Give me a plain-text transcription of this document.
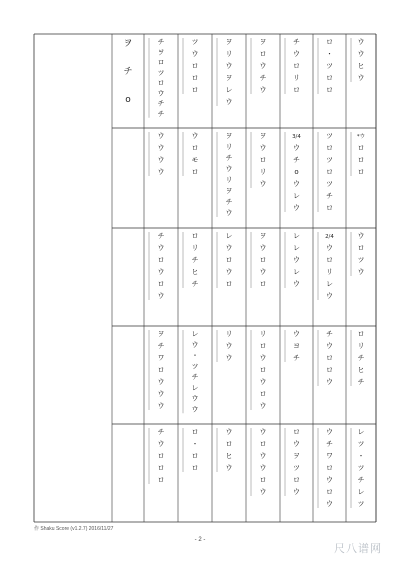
ヲ
チ
o
チ
ヲ
ロ
ツ
ロ
ウ
チ
チ
ツ
ウ
ロ
ロ
ロ
ヲ
リ
ウ
ヲ
レ
ウ
ヲ
ロ
ウ
チ
ウ
チ
ウ
ロ
リ
ロ
ロ
・
ツ
ロ
ロ
ウ
ウ
ヒ
ウ
ウ
ウ
ウ
ウ
ウ
ロ
モ
ロ
ヲ
リ
チ
ウ
リ
ヲ
チ
ウ
ヲ
ウ
ロ
リ
ウ
3/4
ウ
チ
o
ウ
レ
ウ
ツ
ロ
ツ
ロ
ツ
チ
ロ
*ウ
ロ
ロ
ロ
チ
ウ
ロ
ウ
ロ
ウ
ロ
リ
チ
ヒ
チ
レ
ウ
ロ
ウ
ロ
ヲ
ウ
ロ
ウ
ロ
レ
レ
ウ
レ
ウ
2/4
ウ
ロ
リ
レ
ウ
ウ
ロ
ツ
ウ
ヲ
チ
ワ
ロ
ウ
ウ
ウ
レ
ウ
・
ツ
チ
レ
ウ
ウ
リ
ウ
ウ
リ
ロ
ウ
ロ
ウ
ロ
ウ
ウ
ヨ
チ
チ
ウ
ロ
ロ
ウ
ロ
リ
チ
ヒ
チ
チ
ウ
ロ
ロ
ロ
ロ
・
ロ
ロ
ウ
ロ
ヒ
ウ
ウ
ロ
ウ
ウ
ロ
ウ
ロ
ウ
ヲ
ツ
ロ
ウ
ウ
チ
ワ
ロ
ウ
ロ
ウ
レ
ツ
・
ツ
チ
レ
ツ
作 Shaku Score (v1.2.7) 2016/11/27
- 2 -
尺八谱网
